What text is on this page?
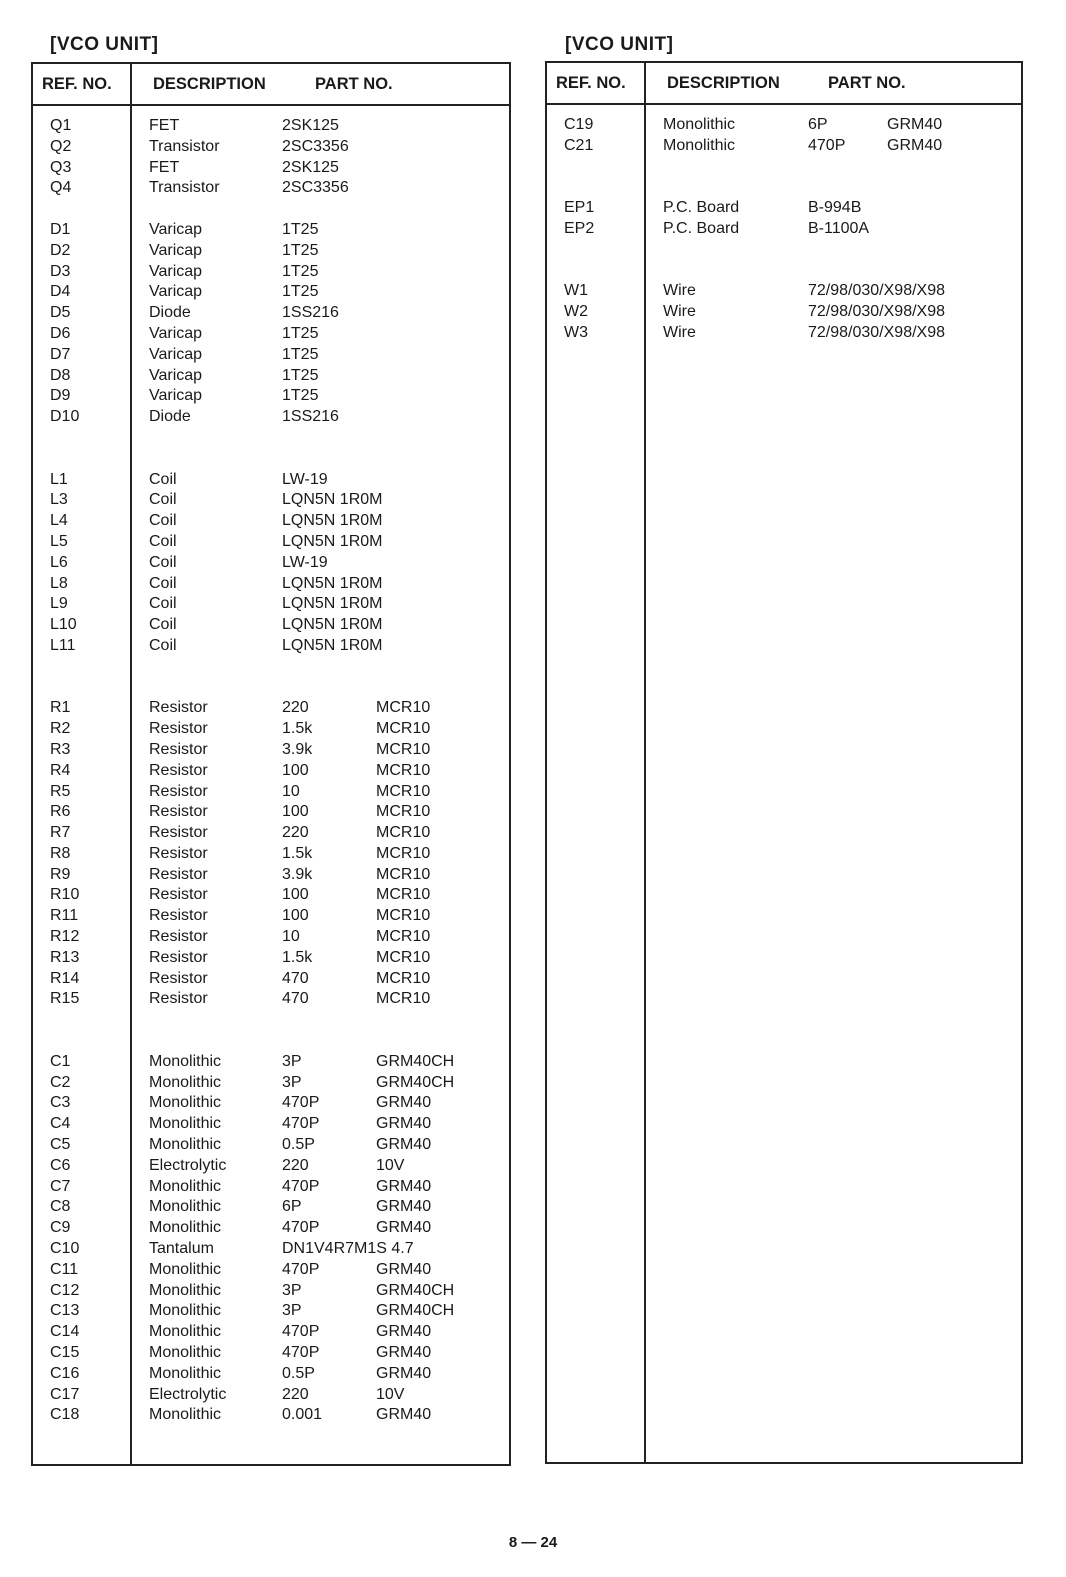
[VCO UNIT]
REF. NO.	DESCRIPTION	PART NO.
Q1	FET	2SK125
Q2	Transistor	2SC3356
Q3	FET	2SK125
Q4	Transistor	2SC3356
D1	Varicap	1T25
D2	Varicap	1T25
D3	Varicap	1T25
D4	Varicap	1T25
D5	Diode	1SS216
D6	Varicap	1T25
D7	Varicap	1T25
D8	Varicap	1T25
D9	Varicap	1T25
D10	Diode	1SS216
L1	Coil	LW-19
L3	Coil	LQN5N 1R0M
L4	Coil	LQN5N 1R0M
L5	Coil	LQN5N 1R0M
L6	Coil	LW-19
L8	Coil	LQN5N 1R0M
L9	Coil	LQN5N 1R0M
L10	Coil	LQN5N 1R0M
L11	Coil	LQN5N 1R0M
R1	Resistor	220	MCR10
R2	Resistor	1.5k	MCR10
R3	Resistor	3.9k	MCR10
R4	Resistor	100	MCR10
R5	Resistor	10	MCR10
R6	Resistor	100	MCR10
R7	Resistor	220	MCR10
R8	Resistor	1.5k	MCR10
R9	Resistor	3.9k	MCR10
R10	Resistor	100	MCR10
R11	Resistor	100	MCR10
R12	Resistor	10	MCR10
R13	Resistor	1.5k	MCR10
R14	Resistor	470	MCR10
R15	Resistor	470	MCR10
C1	Monolithic	3P	GRM40CH
C2	Monolithic	3P	GRM40CH
C3	Monolithic	470P	GRM40
C4	Monolithic	470P	GRM40
C5	Monolithic	0.5P	GRM40
C6	Electrolytic	220	10V
C7	Monolithic	470P	GRM40
C8	Monolithic	6P	GRM40
C9	Monolithic	470P	GRM40
C10	Tantalum	DN1V4R7M1S 4.7
C11	Monolithic	470P	GRM40
C12	Monolithic	3P	GRM40CH
C13	Monolithic	3P	GRM40CH
C14	Monolithic	470P	GRM40
C15	Monolithic	470P	GRM40
C16	Monolithic	0.5P	GRM40
C17	Electrolytic	220	10V
C18	Monolithic	0.001	GRM40
[VCO UNIT]
REF. NO.	DESCRIPTION	PART NO.
C19	Monolithic	6P	GRM40
C21	Monolithic	470P	GRM40
EP1	P.C. Board	B-994B
EP2	P.C. Board	B-1100A
W1	Wire	72/98/030/X98/X98
W2	Wire	72/98/030/X98/X98
W3	Wire	72/98/030/X98/X98
8 — 24
